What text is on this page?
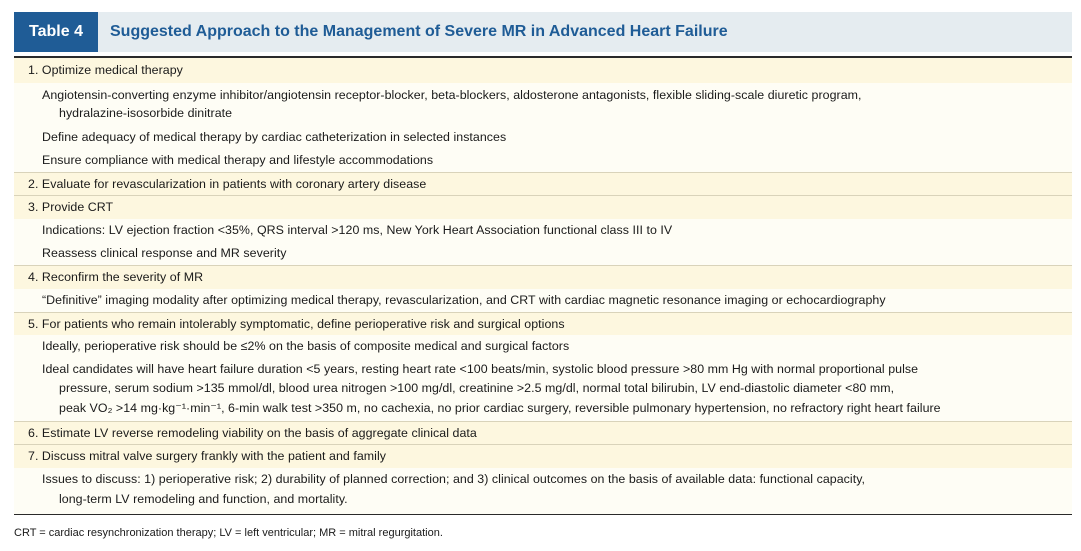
Table 4	Suggested Approach to the Management of Severe MR in Advanced Heart Failure
1. Optimize medical therapy
Angiotensin-converting enzyme inhibitor/angiotensin receptor-blocker, beta-blockers, aldosterone antagonists, flexible sliding-scale diuretic program,
hydralazine-isosorbide dinitrate
Define adequacy of medical therapy by cardiac catheterization in selected instances
Ensure compliance with medical therapy and lifestyle accommodations
2. Evaluate for revascularization in patients with coronary artery disease
3. Provide CRT
Indications: LV ejection fraction <35%, QRS interval >120 ms, New York Heart Association functional class III to IV
Reassess clinical response and MR severity
4. Reconfirm the severity of MR
“Definitive” imaging modality after optimizing medical therapy, revascularization, and CRT with cardiac magnetic resonance imaging or echocardiography
5. For patients who remain intolerably symptomatic, define perioperative risk and surgical options
Ideally, perioperative risk should be ≤2% on the basis of composite medical and surgical factors
Ideal candidates will have heart failure duration <5 years, resting heart rate <100 beats/min, systolic blood pressure >80 mm Hg with normal proportional pulse
pressure, serum sodium >135 mmol/dl, blood urea nitrogen >100 mg/dl, creatinine >2.5 mg/dl, normal total bilirubin, LV end-diastolic diameter <80 mm,
peak VO₂ >14 mg·kg⁻¹·min⁻¹, 6-min walk test >350 m, no cachexia, no prior cardiac surgery, reversible pulmonary hypertension, no refractory right heart failure
6. Estimate LV reverse remodeling viability on the basis of aggregate clinical data
7. Discuss mitral valve surgery frankly with the patient and family
Issues to discuss: 1) perioperative risk; 2) durability of planned correction; and 3) clinical outcomes on the basis of available data: functional capacity,
long-term LV remodeling and function, and mortality.
CRT = cardiac resynchronization therapy; LV = left ventricular; MR = mitral regurgitation.
